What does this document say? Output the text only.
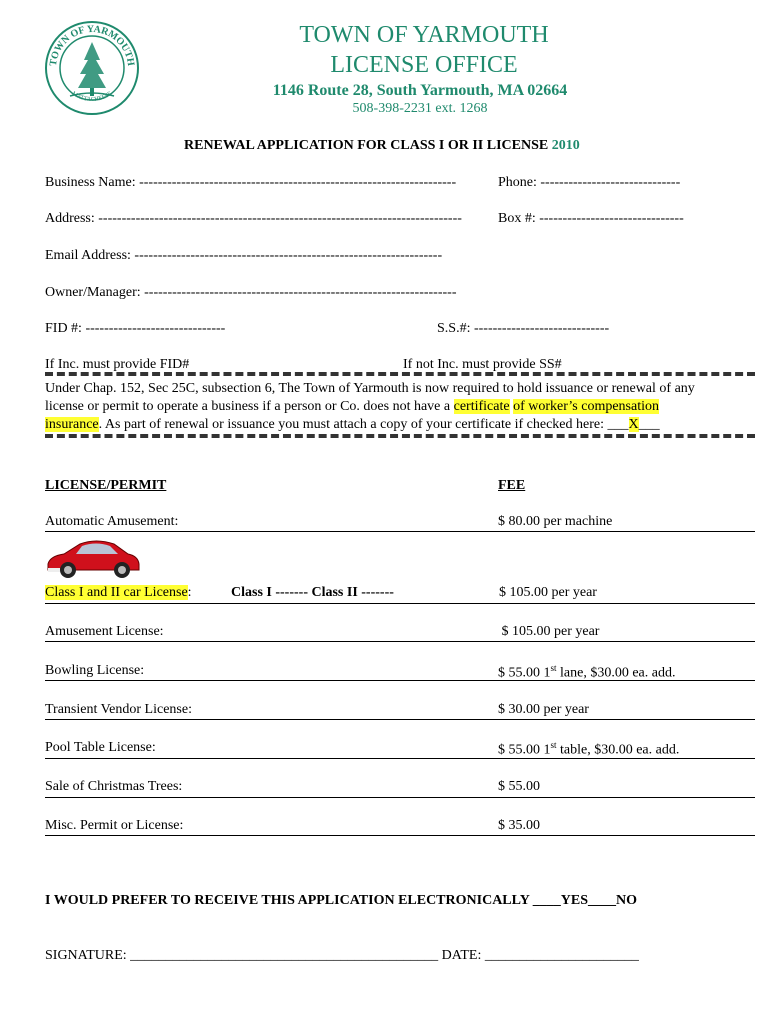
TOWN OF YARMOUTH
MATTACHEESE
TOWN OF YARMOUTH
LICENSE OFFICE
1146 Route 28, South Yarmouth, MA 02664
508-398-2231 ext. 1268
RENEWAL APPLICATION FOR CLASS I OR II LICENSE 2010
Business Name: --------------------------------------------------------------------	Phone: ------------------------------
Address: ------------------------------------------------------------------------------	Box #: -------------------------------
Email Address: ------------------------------------------------------------------
Owner/Manager: -------------------------------------------------------------------
FID #: ------------------------------	S.S.#: -----------------------------
If Inc. must provide FID#	If not Inc. must provide SS#
Under Chap. 152, Sec 25C, subsection 6, The Town of Yarmouth is now required to hold issuance or renewal of any
license or permit to operate a business if a person or Co. does not have a certificate of worker’s compensation
insurance. As part of renewal or issuance you must attach a copy of your certificate if checked here: ___X___
LICENSE/PERMIT	FEE
Automatic Amusement:	$ 80.00 per machine
Class I and II car License:	Class I ------- Class II -------	$ 105.00 per year
Amusement License:	$ 105.00 per year
Bowling License:	$ 55.00 1st lane, $30.00 ea. add.
Transient Vendor License:	$ 30.00 per year
Pool Table License:	$ 55.00 1st table, $30.00 ea. add.
Sale of Christmas Trees:	$ 55.00
Misc. Permit or License:	$ 35.00
I WOULD PREFER TO RECEIVE THIS APPLICATION ELECTRONICALLY ____YES____NO
SIGNATURE: ____________________________________________ DATE: ______________________
